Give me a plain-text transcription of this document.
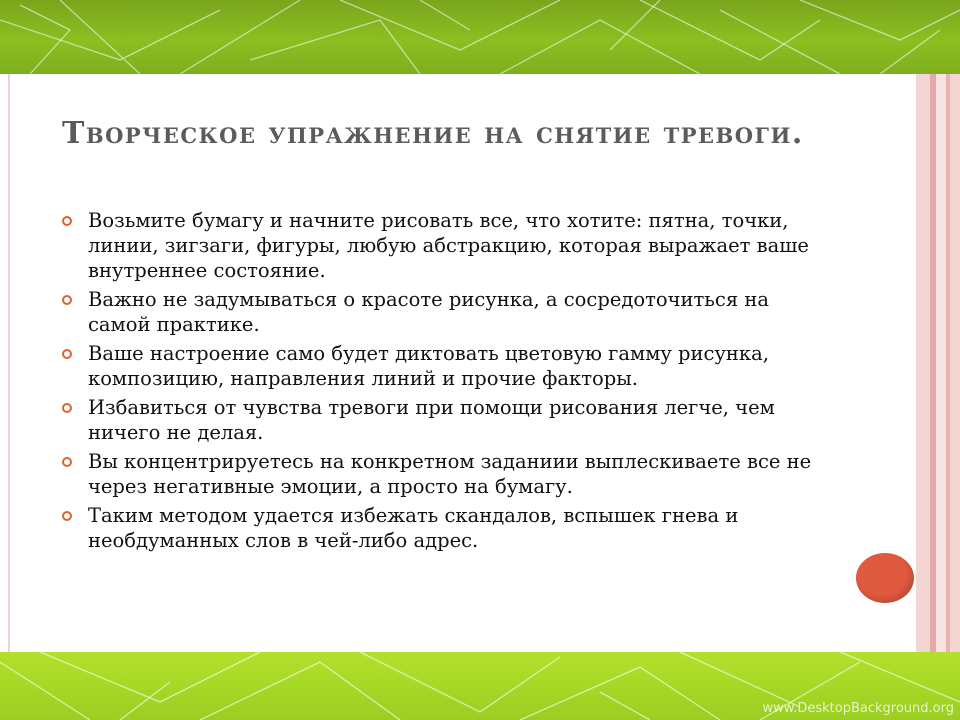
Творческое упражнение на снятие тревоги.
Возьмите бумагу и начните рисовать все, что хотите: пятна, точки, линии, зигзаги, фигуры, любую абстракцию, которая выражает ваше внутреннее состояние.
Важно не задумываться о красоте рисунка, а сосредоточиться на самой практике.
Ваше настроение само будет диктовать цветовую гамму рисунка, композицию, направления линий и прочие факторы.
Избавиться от чувства тревоги при помощи рисования легче, чем ничего не делая.
Вы концентрируетесь на конкретном заданиии выплескиваете все не через негативные эмоции, а просто на бумагу.
Таким методом удается избежать скандалов, вспышек гнева и необдуманных слов в чей-либо адрес.
www.DesktopBackground.org
